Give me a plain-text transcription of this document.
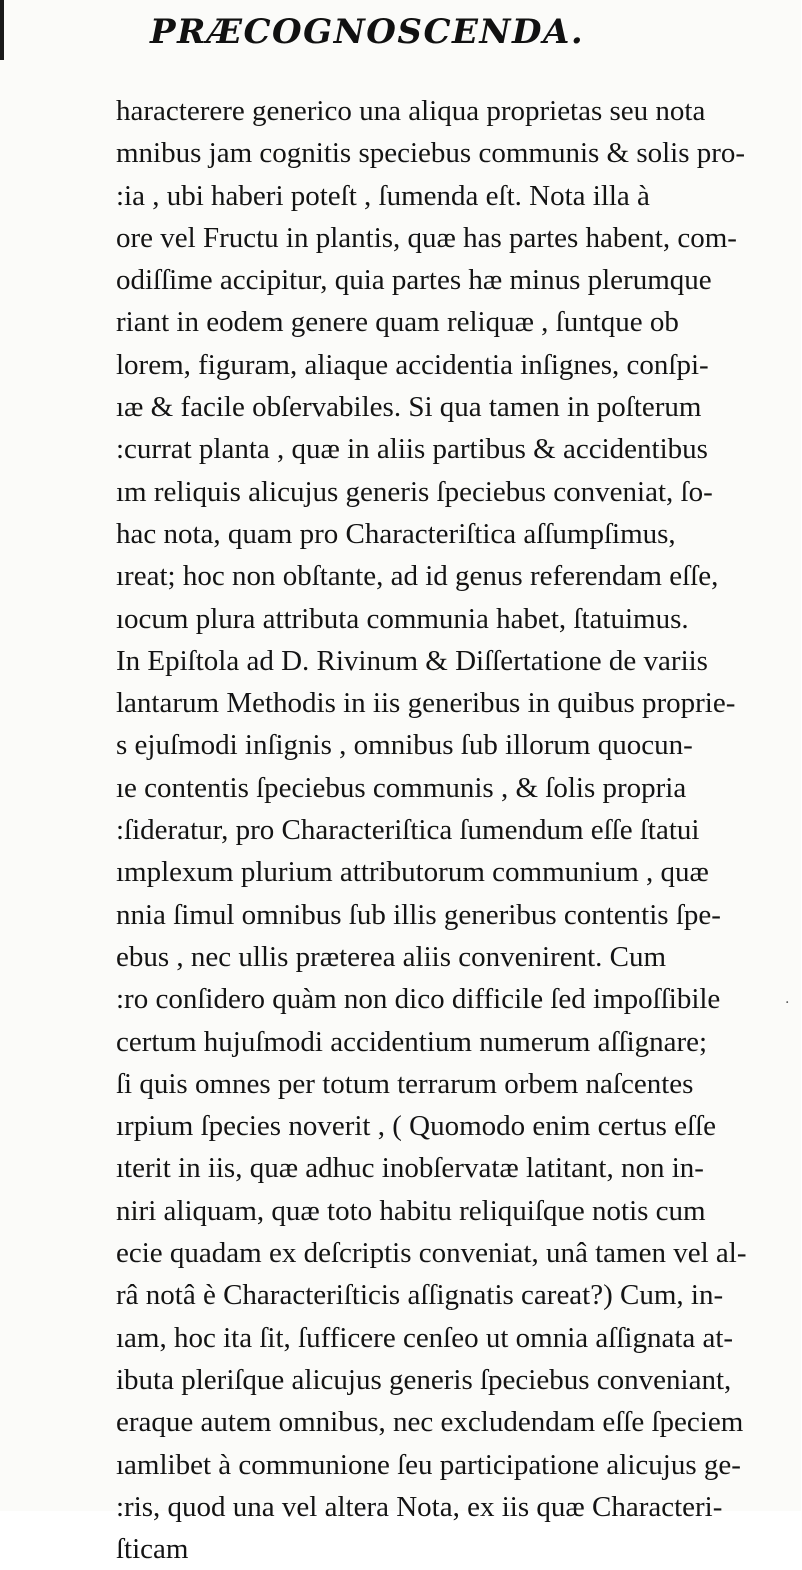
PRÆCOGNOSCENDA.
haracterere generico una aliqua proprietas seu nota
mnibus jam cognitis speciebus communis & solis pro-
:ia , ubi haberi poteſt , ſumenda eſt. Nota illa à
ore vel Fructu in plantis, quæ has partes habent, com-
odiſſime accipitur, quia partes hæ minus plerumque
riant in eodem genere quam reliquæ , ſuntque ob
lorem, figuram, aliaque accidentia inſignes, conſpi-
ıæ & facile obſervabiles. Si qua tamen in poſterum
:currat planta , quæ in aliis partibus & accidentibus
ım reliquis alicujus generis ſpeciebus conveniat, ſo-
hac nota, quam pro Characteriſtica aſſumpſimus,
ıreat; hoc non obſtante, ad id genus referendam eſſe,
ıocum plura attributa communia habet, ſtatuimus.
In Epiſtola ad D. Rivinum & Diſſertatione de variis
lantarum Methodis in iis generibus in quibus proprie-
s ejuſmodi inſignis , omnibus ſub illorum quocun-
ıe contentis ſpeciebus communis , & ſolis propria
:ſideratur, pro Characteriſtica ſumendum eſſe ſtatui
ımplexum plurium attributorum communium , quæ
nnia ſimul omnibus ſub illis generibus contentis ſpe-
ebus , nec ullis præterea aliis convenirent. Cum
:ro conſidero quàm non dico difficile ſed impoſſibile
certum hujuſmodi accidentium numerum aſſignare;
ſi quis omnes per totum terrarum orbem naſcentes
ırpium ſpecies noverit , ( Quomodo enim certus eſſe
ıterit in iis, quæ adhuc inobſervatæ latitant, non in-
niri aliquam, quæ toto habitu reliquiſque notis cum
ecie quadam ex deſcriptis conveniat, unâ tamen vel al-
râ notâ è Characteriſticis aſſignatis careat?) Cum, in-
ıam, hoc ita ſit, ſufficere cenſeo ut omnia aſſignata at-
ibuta pleriſque alicujus generis ſpeciebus conveniant,
eraque autem omnibus, nec excludendam eſſe ſpeciem
ıamlibet à communione ſeu participatione alicujus ge-
:ris, quod una vel altera Nota, ex iis quæ Characteri-
ſticam
·
